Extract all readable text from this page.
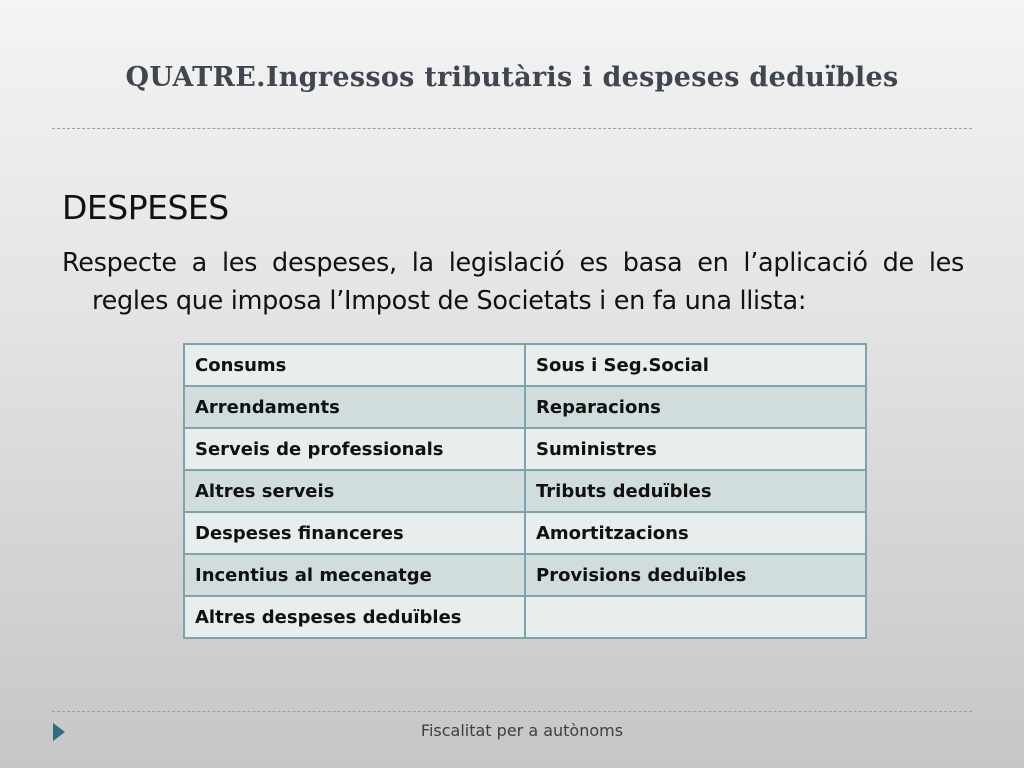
QUATRE.Ingressos tributàris i despeses deduïbles
DESPESES
Respecte a les despeses, la legislació es basa en l’aplicació de les regles que imposa l’Impost de Societats i en fa una llista:
Consums	Sous i Seg.Social
Arrendaments	Reparacions
Serveis de professionals	Suministres
Altres serveis	Tributs deduïbles
Despeses financeres	Amortitzacions
Incentius al mecenatge	Provisions deduïbles
Altres despeses deduïbles	
Fiscalitat per a autònoms
